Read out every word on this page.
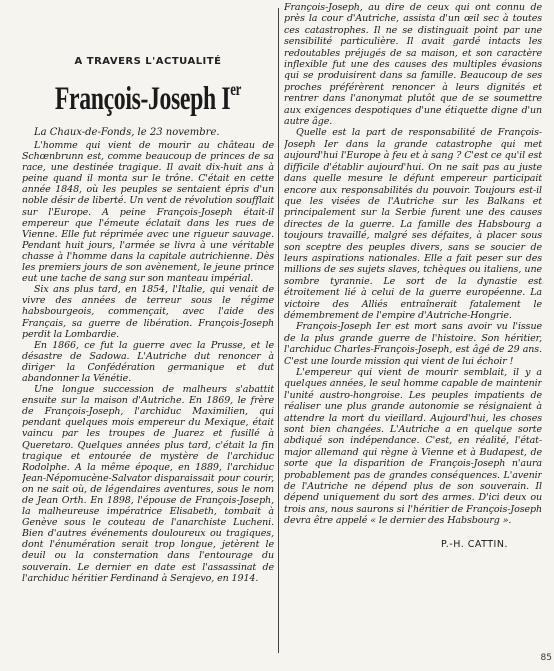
A TRAVERS L'ACTUALITÉ
François-Joseph Ier
La Chaux-de-Fonds, le 23 novembre.

L'homme qui vient de mourir au château de Schœnbrunn est, comme beaucoup de princes de sa race, une destinée tragique. Il avait dix-huit ans à peine quand il monta sur le trône. C'était en cette année 1848, où les peuples se sentaient épris d'un noble désir de liberté. Un vent de révolution soufflait sur l'Europe. A peine François-Joseph était-il empereur que l'émeute éclatait dans les rues de Vienne. Elle fut réprimée avec une rigueur sauvage. Pendant huit jours, l'armée se livra à une véritable chasse à l'homme dans la capitale autrichienne. Dès les premiers jours de son avènement, le jeune prince eut une tache de sang sur son manteau impérial.

Six ans plus tard, en 1854, l'Italie, qui venait de vivre des années de terreur sous le régime habsbourgeois, commençait, avec l'aide des Français, sa guerre de libération. François-Joseph perdit la Lombardie.

En 1866, ce fut la guerre avec la Prusse, et le désastre de Sadowa. L'Autriche dut renoncer à diriger la Confédération germanique et dut abandonner la Vénétie.

Une longue succession de malheurs s'abattit ensuite sur la maison d'Autriche. En 1869, le frère de François-Joseph, l'archiduc Maximilien, qui pendant quelques mois empereur du Mexique, était vaincu par les troupes de Juarez et fusillé à Queretaro. Quelques années plus tard, c'était la fin tragique et entourée de mystère de l'archiduc Rodolphe. A la même époque, en 1889, l'archiduc Jean-Népomucène-Salvator disparaissait pour courir, on ne sait où, de légendaires aventures, sous le nom de Jean Orth. En 1898, l'épouse de François-Joseph, la malheureuse impératrice Elisabeth, tombait à Genève sous le couteau de l'anarchiste Lucheni. Bien d'autres événements douloureux ou tragiques, dont l'énumération serait trop longue, jetèrent le deuil ou la consternation dans l'entourage du souverain. Le dernier en date est l'assassinat de l'archiduc héritier Ferdinand à Serajevo, en 1914.

François-Joseph, au dire de ceux qui ont connu de près la cour d'Autriche, assista d'un œil sec à toutes ces catastrophes. Il ne se distinguait point par une sensibilité particulière. Il avait gardé intacts les redoutables préjugés de sa maison, et son caractère inflexible fut une des causes des multiples évasions qui se produisirent dans sa famille. Beaucoup de ses proches préférèrent renoncer à leurs dignités et rentrer dans l'anonymat plutôt que de se soumettre aux exigences despotiques d'une étiquette digne d'un autre âge.

Quelle est la part de responsabilité de François-Joseph Ier dans la grande catastrophe qui met aujourd'hui l'Europe à feu et à sang ? C'est ce qu'il est difficile d'établir aujourd'hui. On ne sait pas au juste dans quelle mesure le défunt empereur participait encore aux responsabilités du pouvoir. Toujours est-il que les visées de l'Autriche sur les Balkans et principalement sur la Serbie furent une des causes directes de la guerre. La famille des Habsbourg a toujours travaillé, malgré ses défaites, à placer sous son sceptre des peuples divers, sans se soucier de leurs aspirations nationales. Elle a fait peser sur des millions de ses sujets slaves, tchèques ou italiens, une sombre tyrannie. Le sort de la dynastie est étroitement lié à celui de la guerre européenne. La victoire des Alliés entraînerait fatalement le démembrement de l'empire d'Autriche-Hongrie.

François-Joseph Ier est mort sans avoir vu l'issue de la plus grande guerre de l'histoire. Son héritier, l'archiduc Charles-François-Joseph, est âgé de 29 ans. C'est une lourde mission qui vient de lui échoir !

L'empereur qui vient de mourir semblait, il y a quelques années, le seul homme capable de maintenir l'unité austro-hongroise. Les peuples impatients de réaliser une plus grande autonomie se résignaient à attendre la mort du vieillard. Aujourd'hui, les choses sont bien changées. L'Autriche a en quelque sorte abdiqué son indépendance. C'est, en réalité, l'état-major allemand qui règne à Vienne et à Budapest, de sorte que la disparition de François-Joseph n'aura probablement pas de grandes conséquences. L'avenir de l'Autriche ne dépend plus de son souverain. Il dépend uniquement du sort des armes. D'ici deux ou trois ans, nous saurons si l'héritier de François-Joseph devra être appelé « le dernier des Habsbourg ».

P.-H. CATTIN.
85
